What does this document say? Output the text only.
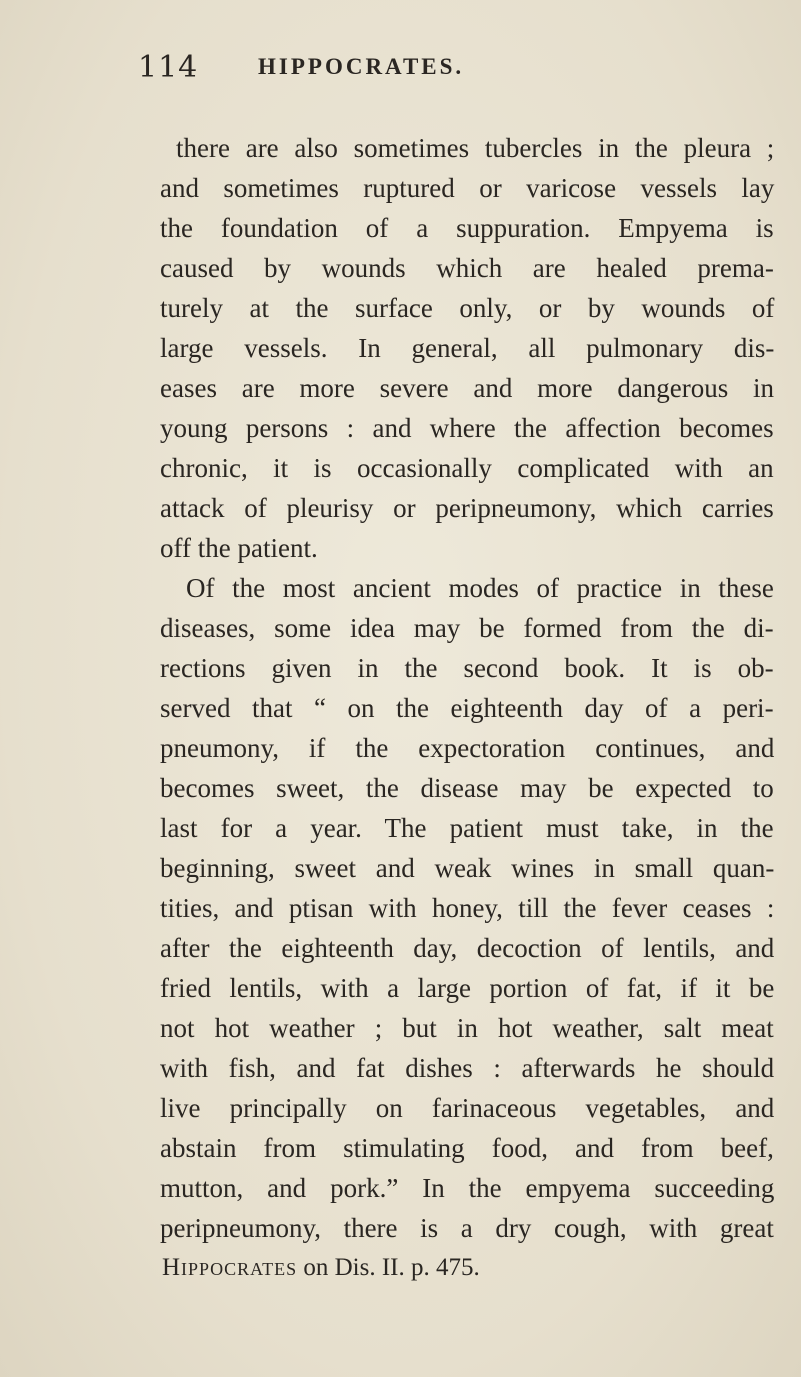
114	HIPPOCRATES.
there are also sometimes tubercles in the pleura ;
and sometimes ruptured or varicose vessels lay
the foundation of a suppuration. Empyema is
caused by wounds which are healed prema-
turely at the surface only, or by wounds of
large vessels. In general, all pulmonary dis-
eases are more severe and more dangerous in
young persons : and where the affection becomes
chronic, it is occasionally complicated with an
attack of pleurisy or peripneumony, which carries
off the patient.
Of the most ancient modes of practice in these
diseases, some idea may be formed from the di-
rections given in the second book. It is ob-
served that “ on the eighteenth day of a peri-
pneumony, if the expectoration continues, and
becomes sweet, the disease may be expected to
last for a year. The patient must take, in the
beginning, sweet and weak wines in small quan-
tities, and ptisan with honey, till the fever ceases :
after the eighteenth day, decoction of lentils, and
fried lentils, with a large portion of fat, if it be
not hot weather ; but in hot weather, salt meat
with fish, and fat dishes : afterwards he should
live principally on farinaceous vegetables, and
abstain from stimulating food, and from beef,
mutton, and pork.” In the empyema succeeding
peripneumony, there is a dry cough, with great
Hippocrates on Dis. II. p. 475.
